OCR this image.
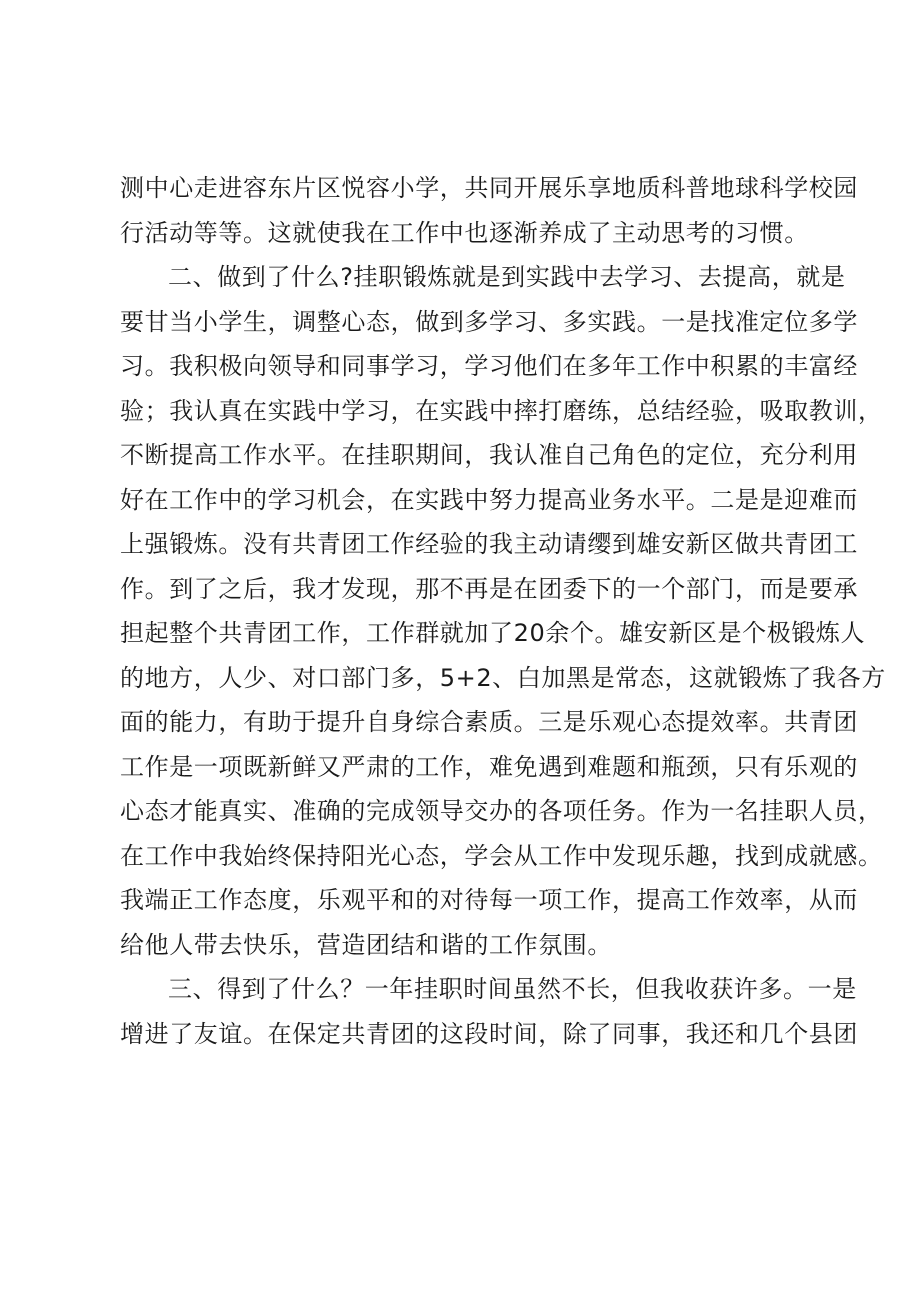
测中心走进容东片区悦容小学，共同开展乐享地质科普地球科学校园
行活动等等。这就使我在工作中也逐渐养成了主动思考的习惯。
二、做到了什么?挂职锻炼就是到实践中去学习、去提高，就是
要甘当小学生，调整心态，做到多学习、多实践。一是找准定位多学
习。我积极向领导和同事学习，学习他们在多年工作中积累的丰富经
验；我认真在实践中学习，在实践中摔打磨练，总结经验，吸取教训，
不断提高工作水平。在挂职期间，我认准自己角色的定位，充分利用
好在工作中的学习机会，在实践中努力提高业务水平。二是是迎难而
上强锻炼。没有共青团工作经验的我主动请缨到雄安新区做共青团工
作。到了之后，我才发现，那不再是在团委下的一个部门，而是要承
担起整个共青团工作，工作群就加了20余个。雄安新区是个极锻炼人
的地方，人少、对口部门多，5+2、白加黑是常态，这就锻炼了我各方
面的能力，有助于提升自身综合素质。三是乐观心态提效率。共青团
工作是一项既新鲜又严肃的工作，难免遇到难题和瓶颈，只有乐观的
心态才能真实、准确的完成领导交办的各项任务。作为一名挂职人员，
在工作中我始终保持阳光心态，学会从工作中发现乐趣，找到成就感。
我端正工作态度，乐观平和的对待每一项工作，提高工作效率，从而
给他人带去快乐，营造团结和谐的工作氛围。
三、得到了什么？一年挂职时间虽然不长，但我收获许多。一是
增进了友谊。在保定共青团的这段时间，除了同事，我还和几个县团
